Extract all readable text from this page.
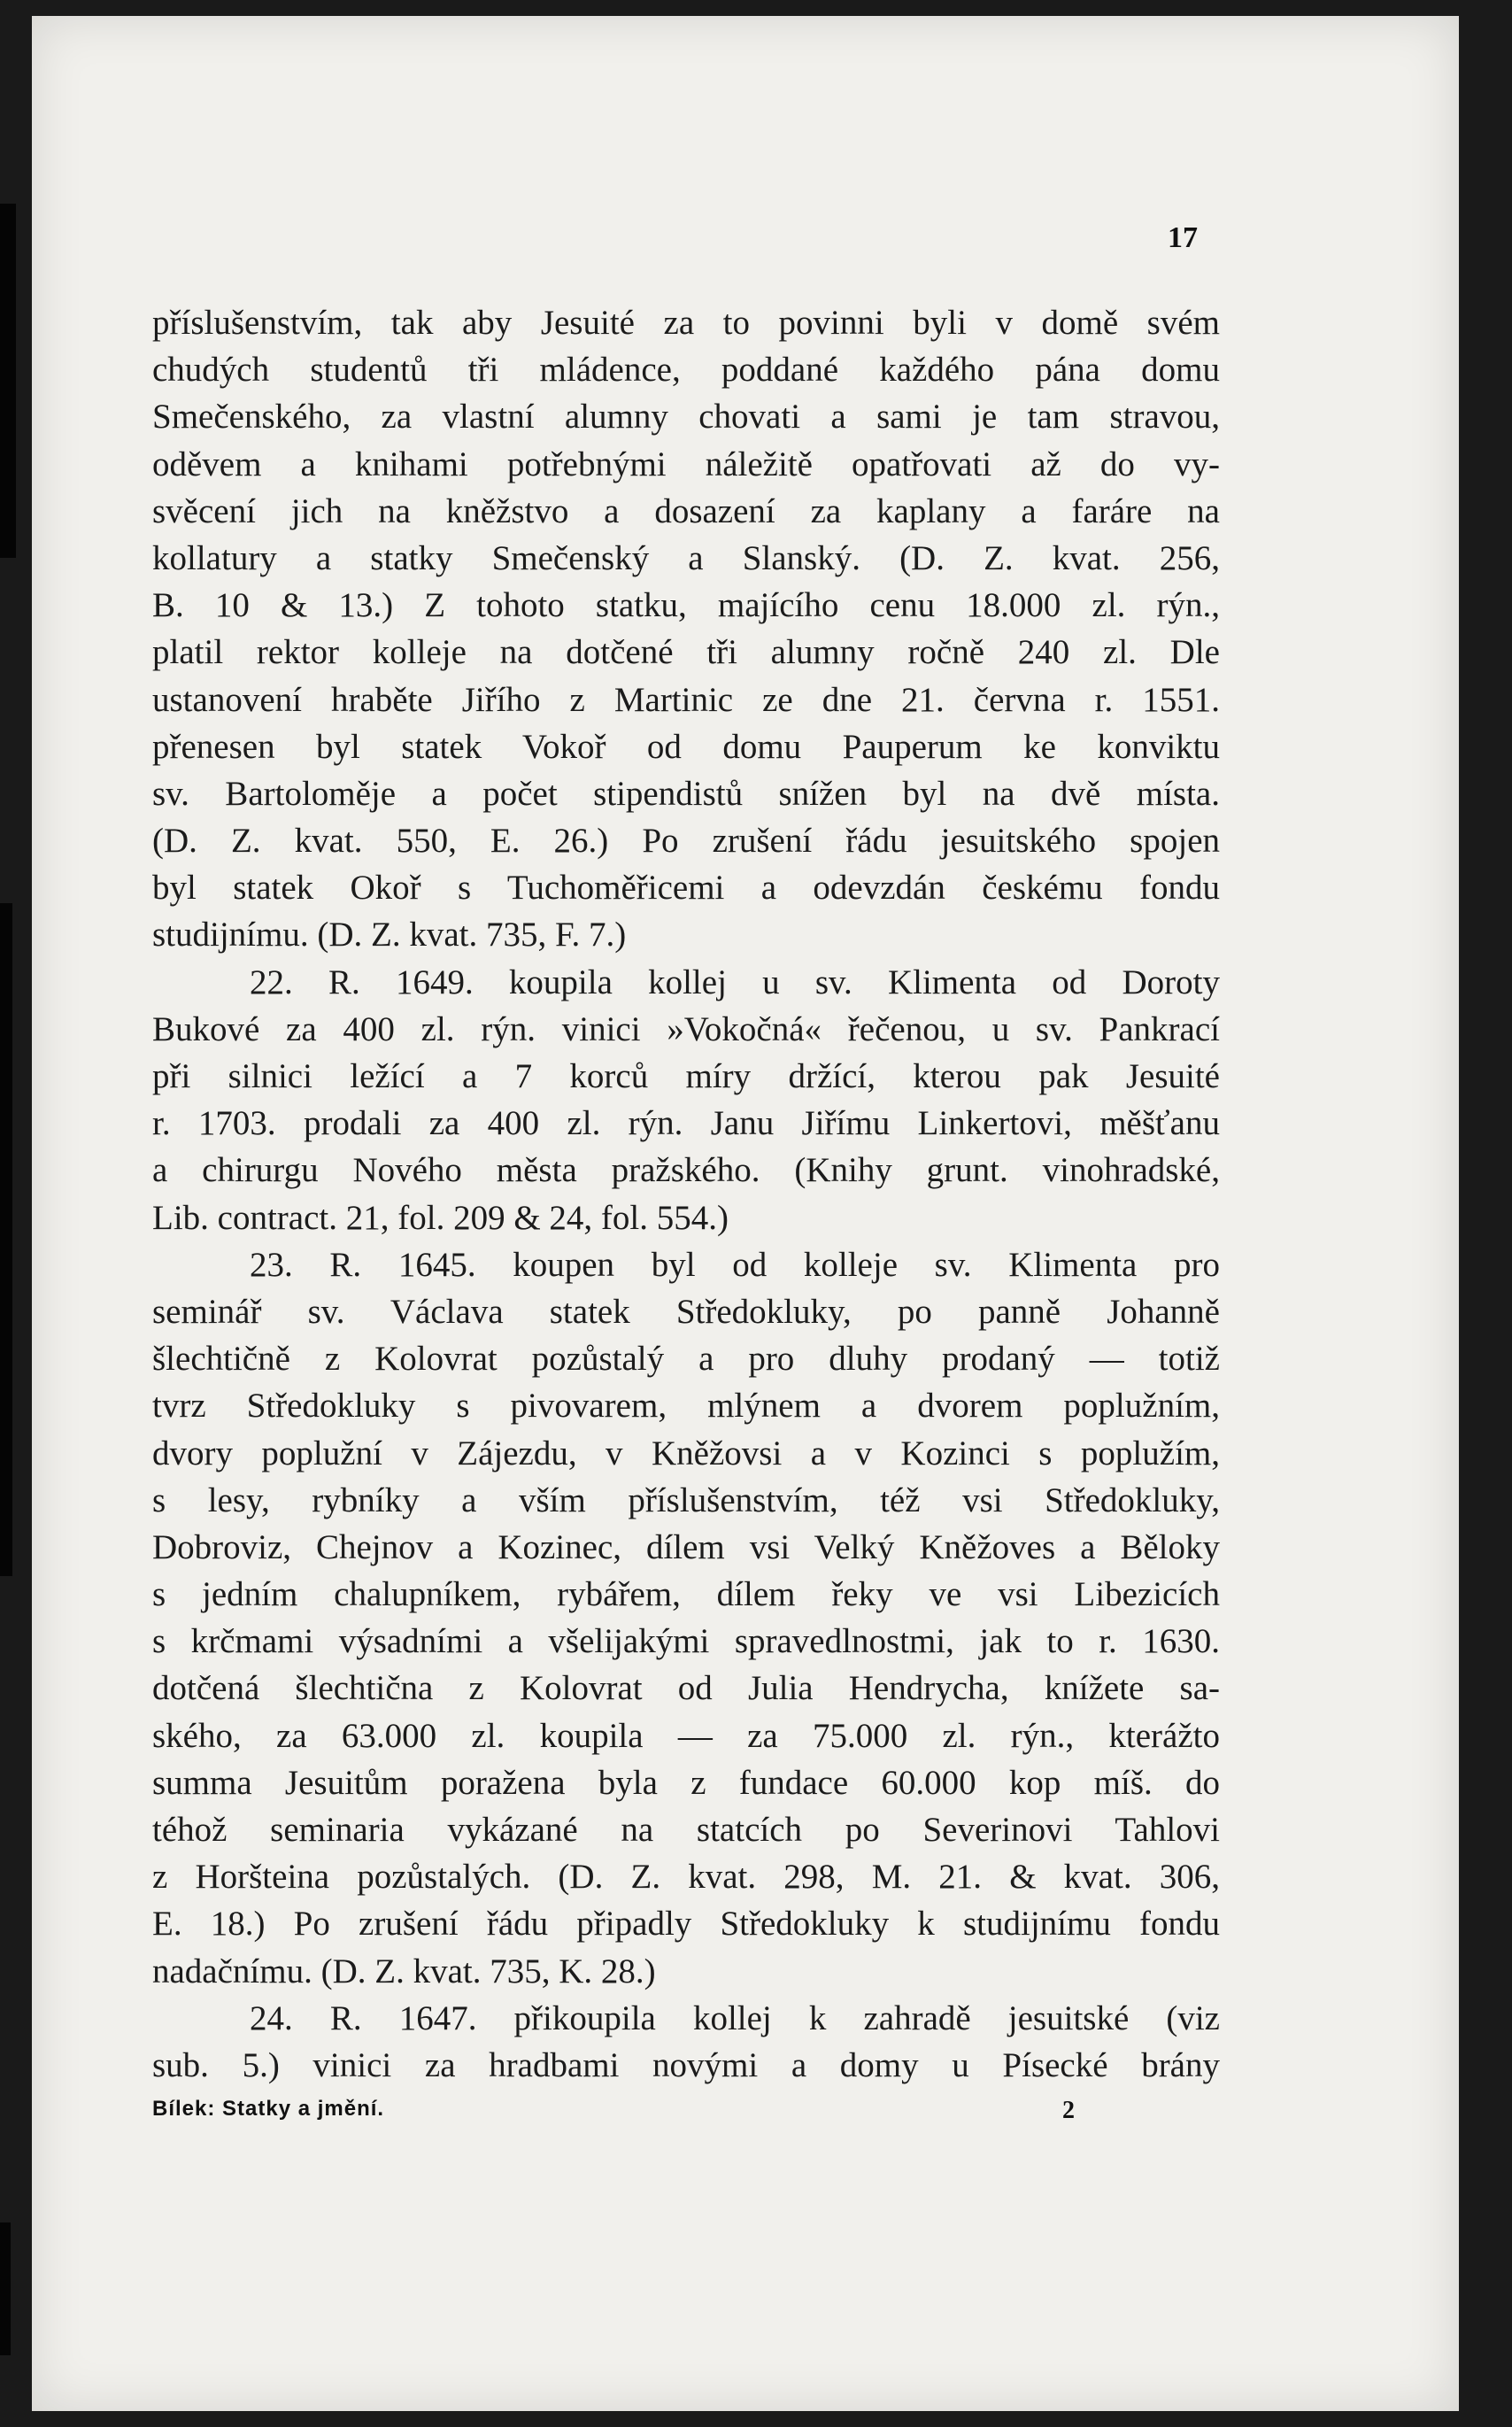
17
příslušenstvím, tak aby Jesuité za to povinni byli v domě svém
chudých studentů tři mládence, poddané každého pána domu
Smečenského, za vlastní alumny chovati a sami je tam stravou,
oděvem a knihami potřebnými náležitě opatřovati až do vy-
svěcení jich na kněžstvo a dosazení za kaplany a faráre na
kollatury a statky Smečenský a Slanský. (D. Z. kvat. 256,
B. 10 & 13.) Z tohoto statku, majícího cenu 18.000 zl. rýn.,
platil rektor kolleje na dotčené tři alumny ročně 240 zl. Dle
ustanovení hraběte Jiřího z Martinic ze dne 21. června r. 1551.
přenesen byl statek Vokoř od domu Pauperum ke konviktu
sv. Bartoloměje a počet stipendistů snížen byl na dvě místa.
(D. Z. kvat. 550, E. 26.) Po zrušení řádu jesuitského spojen
byl statek Okoř s Tuchoměřicemi a odevzdán českému fondu
studijnímu. (D. Z. kvat. 735, F. 7.)
22. R. 1649. koupila kollej u sv. Klimenta od Doroty
Bukové za 400 zl. rýn. vinici »Vokočná« řečenou, u sv. Pankrací
při silnici ležící a 7 korců míry držící, kterou pak Jesuité
r. 1703. prodali za 400 zl. rýn. Janu Jiřímu Linkertovi, měšťanu
a chirurgu Nového města pražského. (Knihy grunt. vinohradské,
Lib. contract. 21, fol. 209 & 24, fol. 554.)
23. R. 1645. koupen byl od kolleje sv. Klimenta pro
seminář sv. Václava statek Středokluky, po panně Johanně
šlechtičně z Kolovrat pozůstalý a pro dluhy prodaný — totiž
tvrz Středokluky s pivovarem, mlýnem a dvorem poplužním,
dvory poplužní v Zájezdu, v Kněžovsi a v Kozinci s poplužím,
s lesy, rybníky a vším příslušenstvím, též vsi Středokluky,
Dobroviz, Chejnov a Kozinec, dílem vsi Velký Kněžoves a Běloky
s jedním chalupníkem, rybářem, dílem řeky ve vsi Libezicích
s krčmami výsadními a všelijakými spravedlnostmi, jak to r. 1630.
dotčená šlechtična z Kolovrat od Julia Hendrycha, knížete sa-
ského, za 63.000 zl. koupila — za 75.000 zl. rýn., kterážto
summa Jesuitům poražena byla z fundace 60.000 kop míš. do
téhož seminaria vykázané na statcích po Severinovi Tahlovi
z Horšteina pozůstalých. (D. Z. kvat. 298, M. 21. & kvat. 306,
E. 18.) Po zrušení řádu připadly Středokluky k studijnímu fondu
nadačnímu. (D. Z. kvat. 735, K. 28.)
24. R. 1647. přikoupila kollej k zahradě jesuitské (viz
sub. 5.) vinici za hradbami novými a domy u Písecké brány
Bílek: Statky a jmění.	2
